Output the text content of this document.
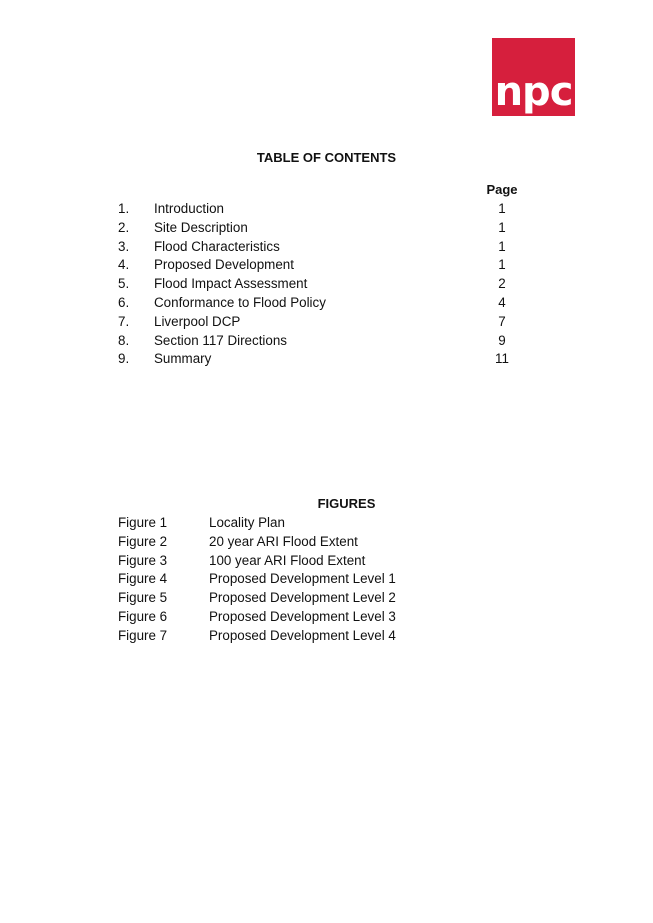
npc
TABLE OF CONTENTS
Page
1. Introduction	1
2. Site Description	1
3. Flood Characteristics	1
4. Proposed Development	1
5. Flood Impact Assessment	2
6. Conformance to Flood Policy	4
7. Liverpool DCP	7
8. Section 117 Directions	9
9. Summary	11
FIGURES
Figure 1	Locality Plan
Figure 2	20 year ARI Flood Extent
Figure 3	100 year ARI Flood Extent
Figure 4	Proposed Development Level 1
Figure 5	Proposed Development Level 2
Figure 6	Proposed Development Level 3
Figure 7	Proposed Development Level 4
